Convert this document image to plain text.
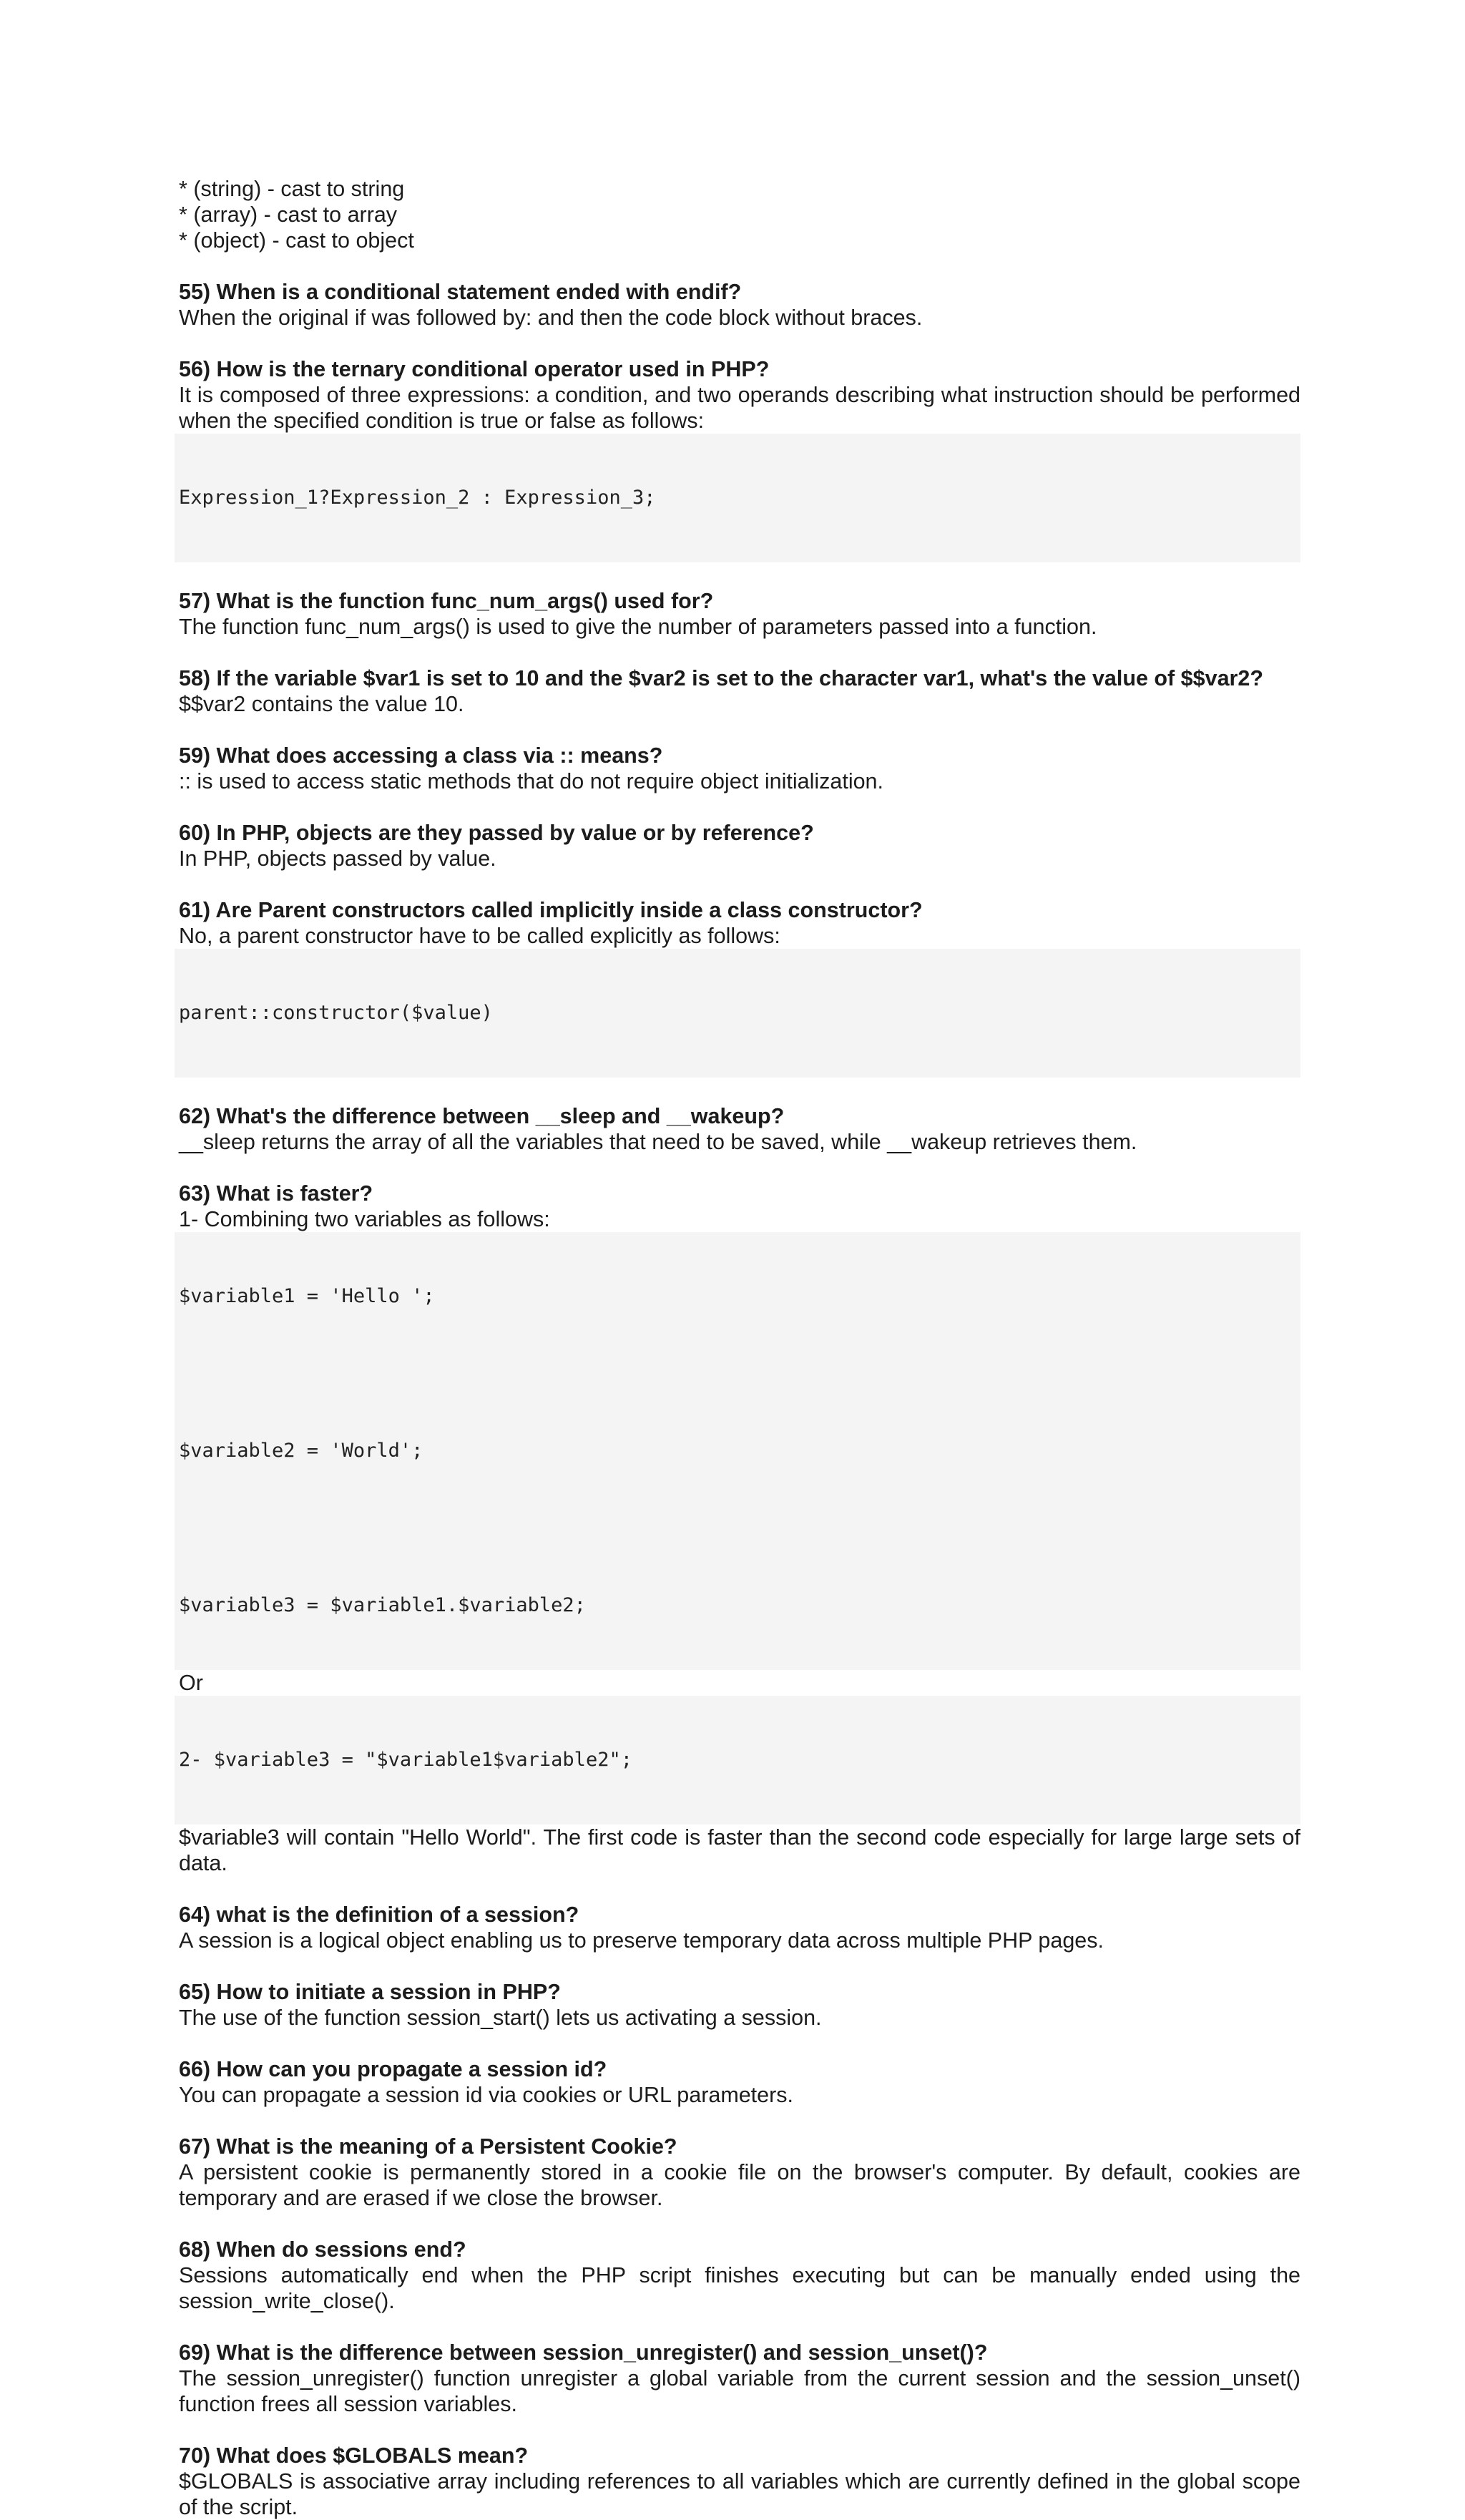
* (string) - cast to string
* (array) - cast to array
* (object) - cast to object
55) When is a conditional statement ended with endif?
When the original if was followed by: and then the code block without braces.
56) How is the ternary conditional operator used in PHP?
It is composed of three expressions: a condition, and two operands describing what instruction should be performed when the specified condition is true or false as follows:

Expression_1?Expression_2 : Expression_3;

57) What is the function func_num_args() used for?
The function func_num_args() is used to give the number of parameters passed into a function.
58) If the variable $var1 is set to 10 and the $var2 is set to the character var1, what's the value of $$var2?
$$var2 contains the value 10.
59) What does accessing a class via :: means?
:: is used to access static methods that do not require object initialization.
60) In PHP, objects are they passed by value or by reference?
In PHP, objects passed by value.
61) Are Parent constructors called implicitly inside a class constructor?
No, a parent constructor have to be called explicitly as follows:

parent::constructor($value)

62) What's the difference between __sleep and __wakeup?
__sleep returns the array of all the variables that need to be saved, while __wakeup retrieves them.
63) What is faster?
1- Combining two variables as follows:

$variable1 = 'Hello ';

$variable2 = 'World';

$variable3 = $variable1.$variable2;

Or

2- $variable3 = "$variable1$variable2";

$variable3 will contain "Hello World". The first code is faster than the second code especially for large large sets of data.
64) what is the definition of a session?
A session is a logical object enabling us to preserve temporary data across multiple PHP pages.
65) How to initiate a session in PHP?
The use of the function session_start() lets us activating a session.
66) How can you propagate a session id?
You can propagate a session id via cookies or URL parameters.
67) What is the meaning of a Persistent Cookie?
A persistent cookie is permanently stored in a cookie file on the browser's computer. By default, cookies are temporary and are erased if we close the browser.
68) When do sessions end?
Sessions automatically end when the PHP script finishes executing but can be manually ended using the session_write_close().
69) What is the difference between session_unregister() and session_unset()?
The session_unregister() function unregister a global variable from the current session and the session_unset() function frees all session variables.
70) What does $GLOBALS mean?
$GLOBALS is associative array including references to all variables which are currently defined in the global scope of the script.
